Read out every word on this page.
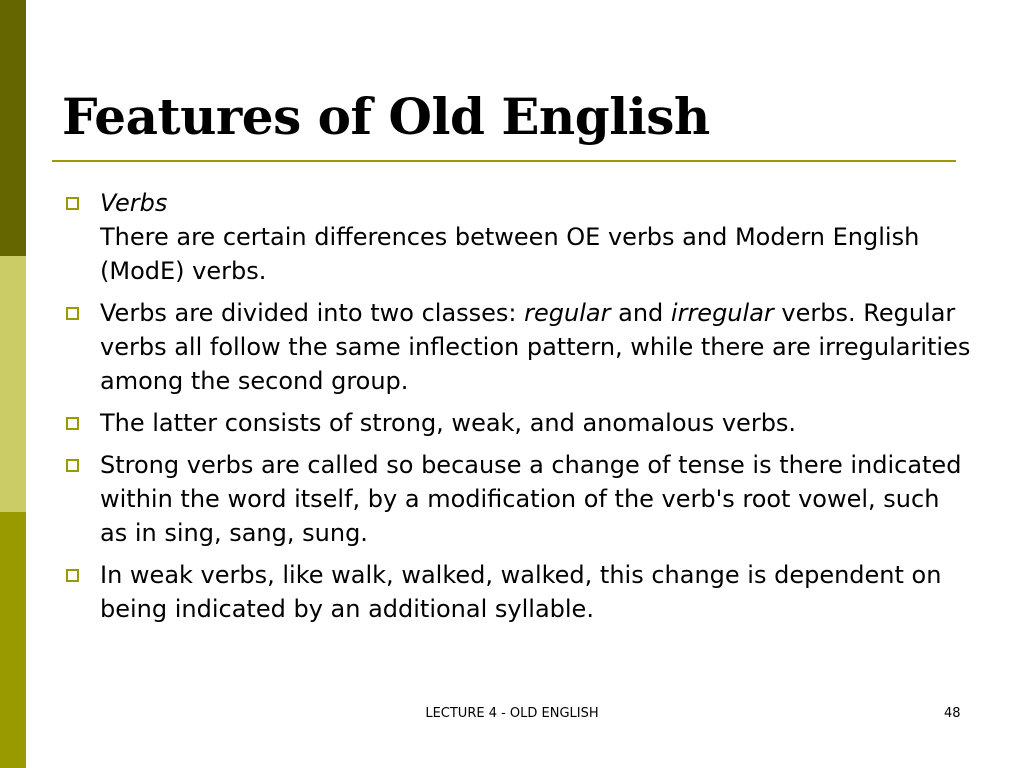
Features of Old English
Verbs
There are certain differences between OE verbs and Modern English (ModE) verbs.
Verbs are divided into two classes: regular and irregular verbs. Regular verbs all follow the same inflection pattern, while there are irregularities among the second group.
The latter consists of strong, weak, and anomalous verbs.
Strong verbs are called so because a change of tense is there indicated within the word itself, by a modification of the verb's root vowel, such as in sing, sang, sung.
In weak verbs, like walk, walked, walked, this change is dependent on being indicated by an additional syllable.
LECTURE 4 - OLD ENGLISH	48
